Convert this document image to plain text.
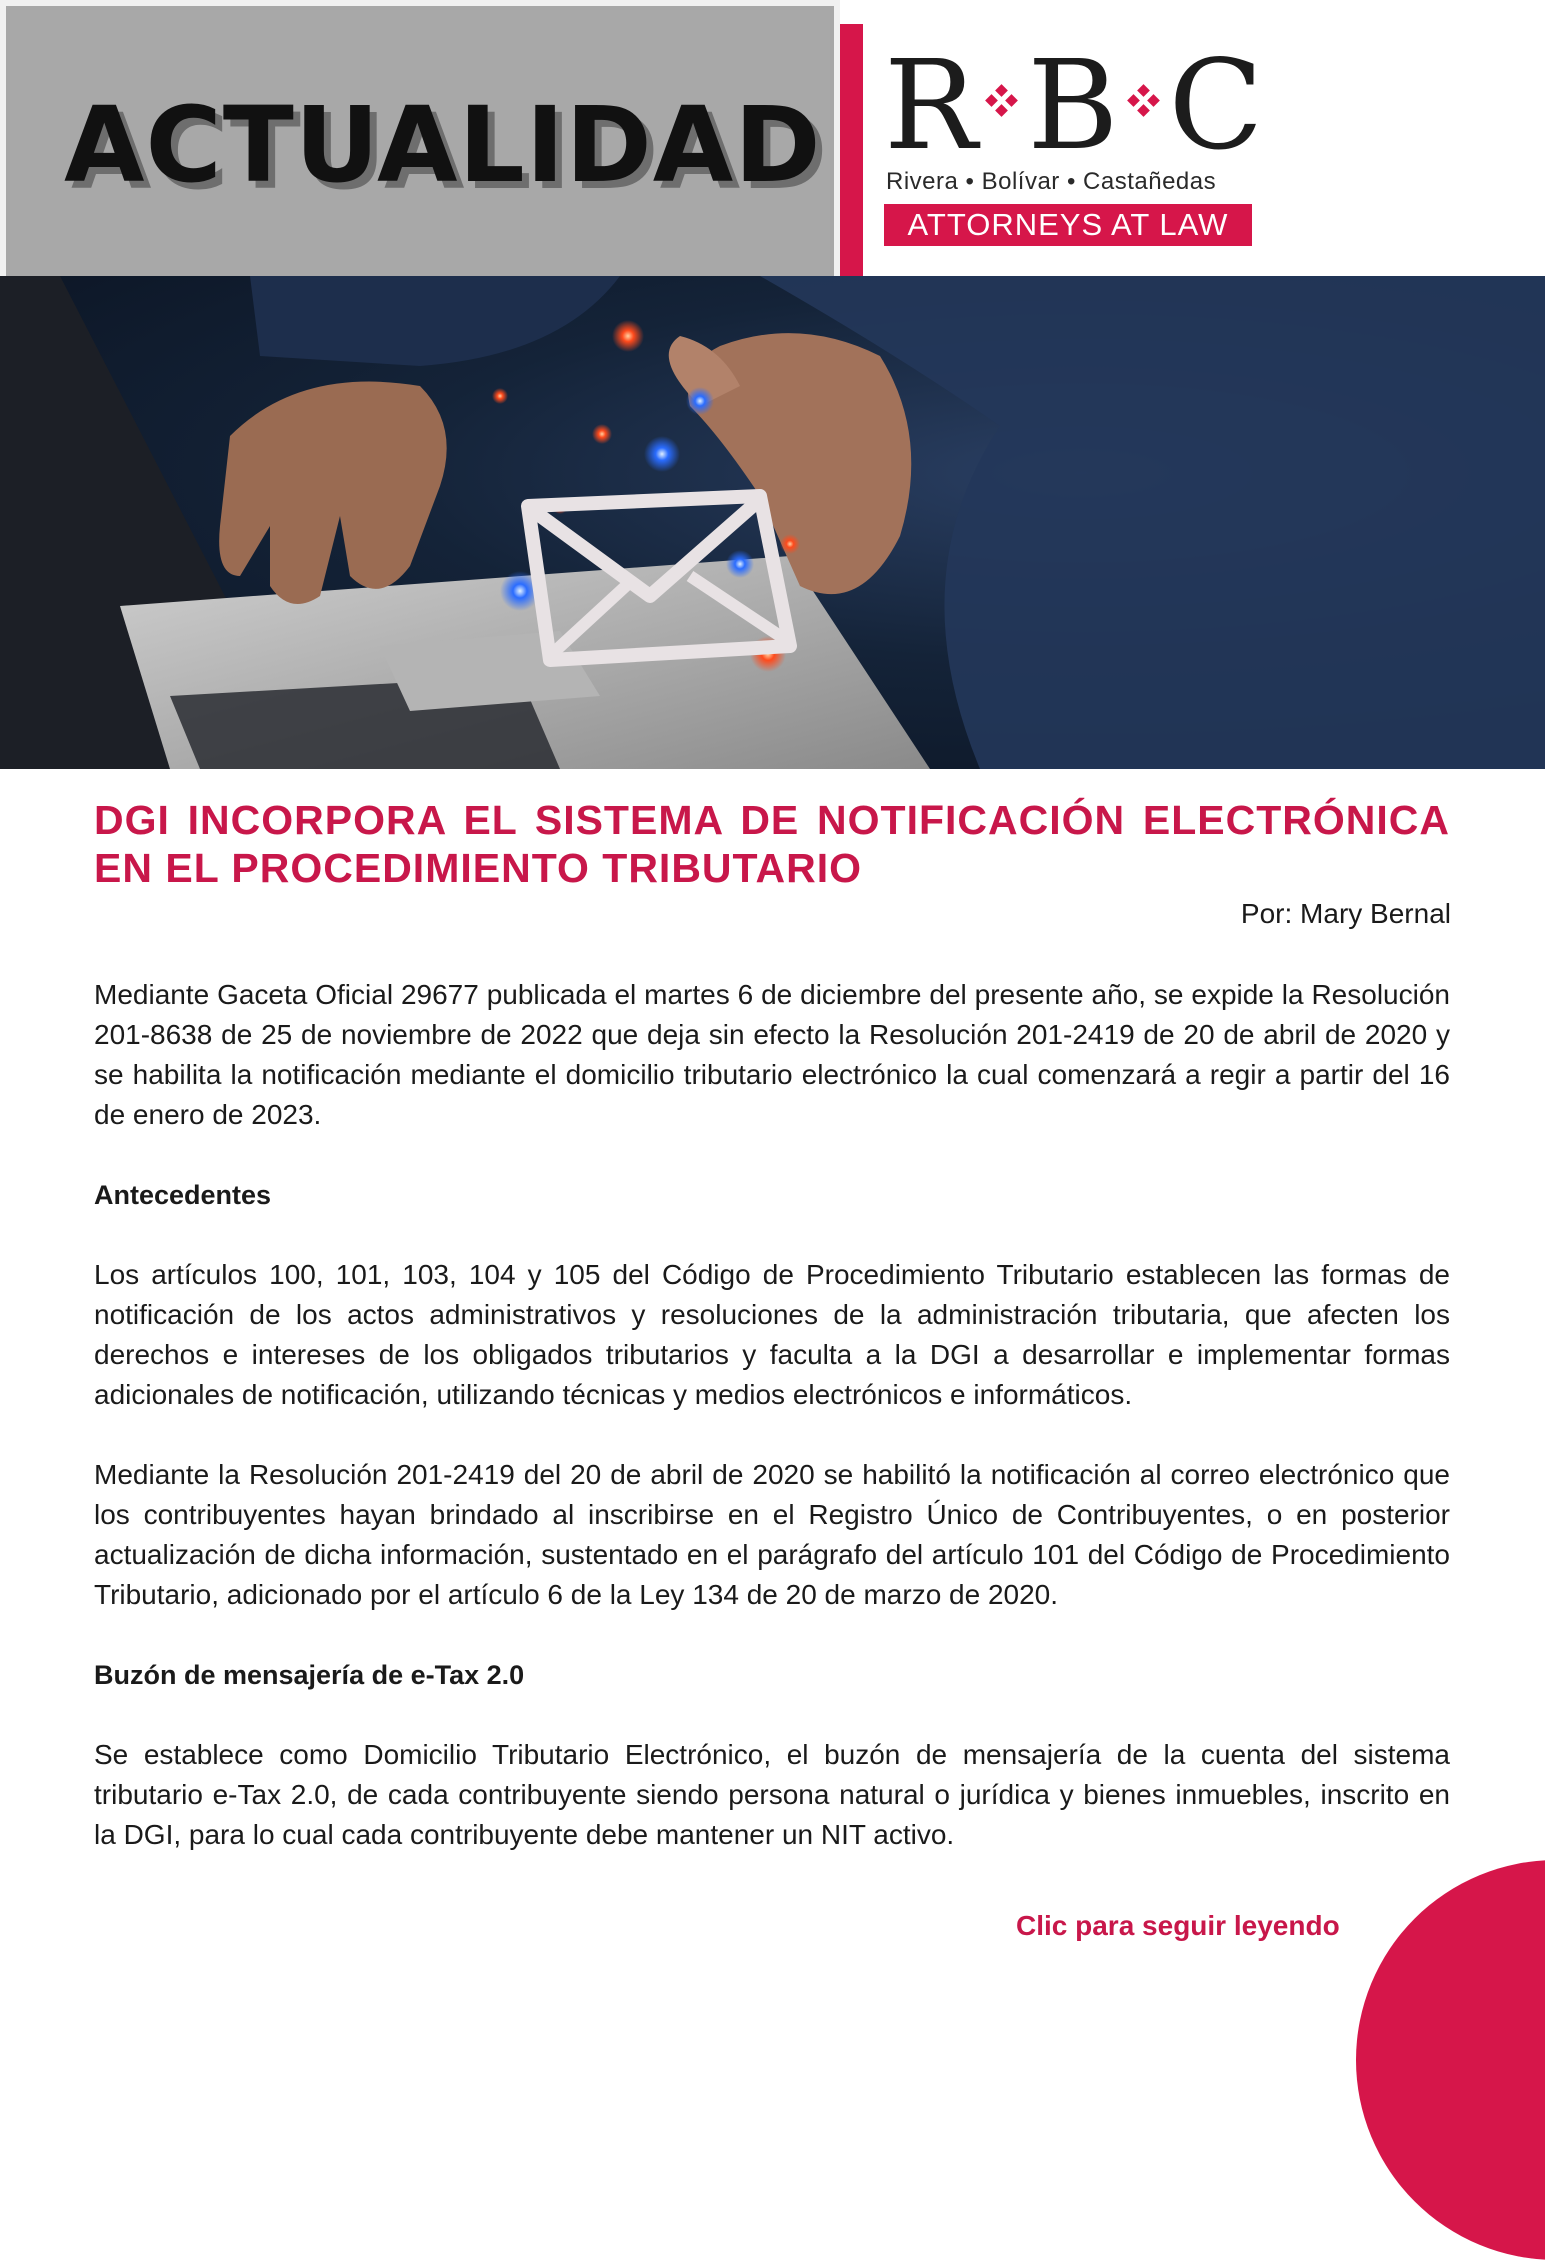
ACTUALIDAD R B C
Rivera • Bolívar • Castañedas
ATTORNEYS AT LAW
DGI INCORPORA EL SISTEMA DE NOTIFICACIÓN ELECTRÓNICA EN EL PROCEDIMIENTO TRIBUTARIO
Por: Mary Bernal

Mediante Gaceta Oficial 29677 publicada el martes 6 de diciembre del presente año, se expide la Resolución 201-8638 de 25 de noviembre de 2022 que deja sin efecto la Resolución 201-2419 de 20 de abril de 2020 y se habilita la notificación mediante el domicilio tributario electrónico la cual comenzará a regir a partir del 16 de enero de 2023.

Antecedentes

Los artículos 100, 101, 103, 104 y 105 del Código de Procedimiento Tributario establecen las formas de notificación de los actos administrativos y resoluciones de la administración tributaria, que afecten los derechos e intereses de los obligados tributarios y faculta a la DGI a desarrollar e implementar formas adicionales de notificación, utilizando técnicas y medios electrónicos e informáticos.

Mediante la Resolución 201-2419 del 20 de abril de 2020 se habilitó la notificación al correo electrónico que los contribuyentes hayan brindado al inscribirse en el Registro Único de Contribuyentes, o en posterior actualización de dicha información, sustentado en el parágrafo del artículo 101 del Código de Procedimiento Tributario, adicionado por el artículo 6 de la Ley 134 de 20 de marzo de 2020.

Buzón de mensajería de e-Tax 2.0

Se establece como Domicilio Tributario Electrónico, el buzón de mensajería de la cuenta del sistema tributario e-Tax 2.0, de cada contribuyente siendo persona natural o jurídica y bienes inmuebles, inscrito en la DGI, para lo cual cada contribuyente debe mantener un NIT activo.

Clic para seguir leyendo
